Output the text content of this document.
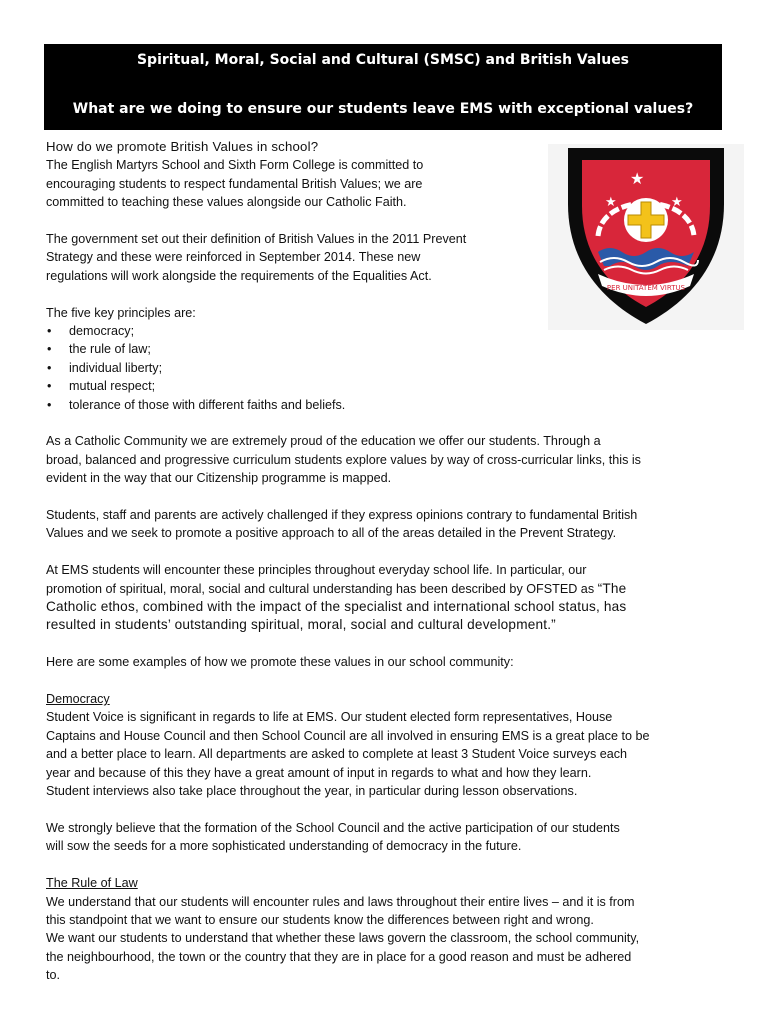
Spiritual, Moral, Social and Cultural (SMSC) and British Values
What are we doing to ensure our students leave EMS with exceptional values?
★
★	★
PER UNITATEM VIRTUS

How do we promote British Values in school?

The English Martyrs School and Sixth Form College is committed to
encouraging students to respect fundamental British Values; we are
committed to teaching these values alongside our Catholic Faith.

The government set out their definition of British Values in the 2011 Prevent
Strategy and these were reinforced in September 2014. These new
regulations will work alongside the requirements of the Equalities Act.

The five key principles are:

• democracy;
• the rule of law;
• individual liberty;
• mutual respect;
• tolerance of those with different faiths and beliefs.

As a Catholic Community we are extremely proud of the education we offer our students. Through a
broad, balanced and progressive curriculum students explore values by way of cross-curricular links, this is
evident in the way that our Citizenship programme is mapped.

Students, staff and parents are actively challenged if they express opinions contrary to fundamental British
Values and we seek to promote a positive approach to all of the areas detailed in the Prevent Strategy.

At EMS students will encounter these principles throughout everyday school life. In particular, our
promotion of spiritual, moral, social and cultural understanding has been described by OFSTED as “The
Catholic ethos, combined with the impact of the specialist and international school status, has
resulted in students’ outstanding spiritual, moral, social and cultural development.”

Here are some examples of how we promote these values in our school community:

Democracy

Student Voice is significant in regards to life at EMS. Our student elected form representatives, House
Captains and House Council and then School Council are all involved in ensuring EMS is a great place to be
and a better place to learn. All departments are asked to complete at least 3 Student Voice surveys each
year and because of this they have a great amount of input in regards to what and how they learn.
Student interviews also take place throughout the year, in particular during lesson observations.

We strongly believe that the formation of the School Council and the active participation of our students
will sow the seeds for a more sophisticated understanding of democracy in the future.

The Rule of Law

We understand that our students will encounter rules and laws throughout their entire lives – and it is from
this standpoint that we want to ensure our students know the differences between right and wrong.
We want our students to understand that whether these laws govern the classroom, the school community,
the neighbourhood, the town or the country that they are in place for a good reason and must be adhered
to.
